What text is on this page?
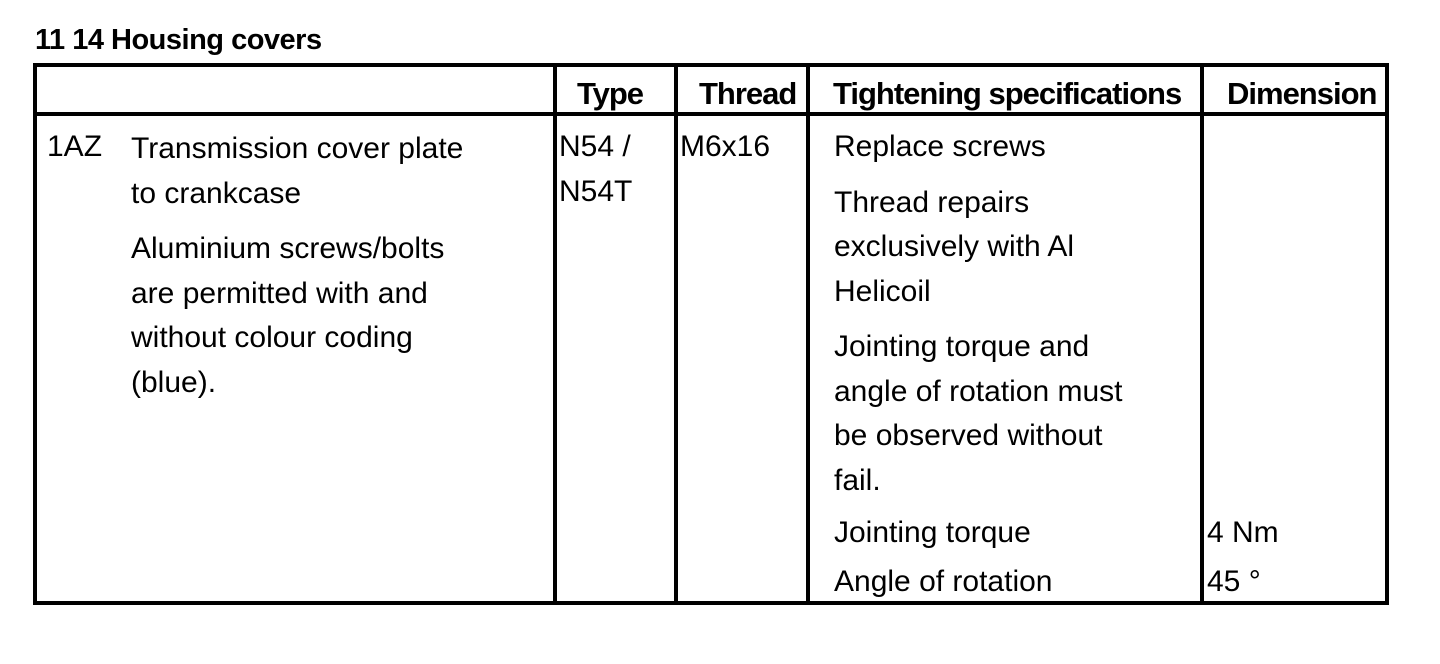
11 14 Housing covers
Type Thread Tightening specifications Dimension
1AZ Transmission cover plate
to crankcase
Aluminium screws/bolts
are permitted with and
without colour coding
(blue).
N54 /
N54T
M6x16 Replace screws
Thread repairs
exclusively with Al
Helicoil
Jointing torque and
angle of rotation must
be observed without
fail.
Jointing torque
Angle of rotation
4 Nm
45 °
